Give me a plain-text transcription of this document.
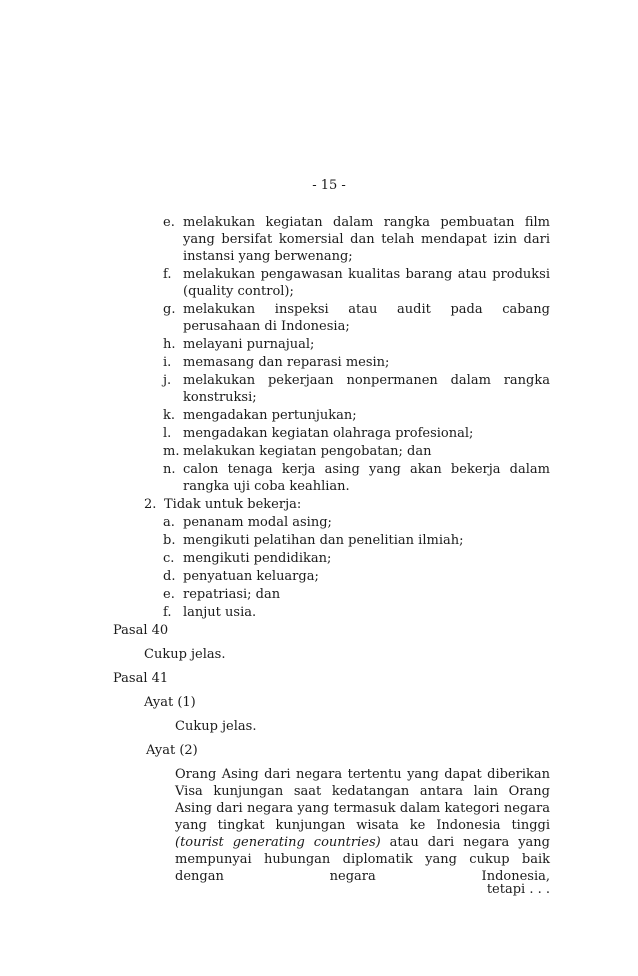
- 15 -
e. melakukan kegiatan dalam rangka pembuatan film yang bersifat komersial dan telah mendapat izin dari instansi yang berwenang;
f. melakukan pengawasan kualitas barang atau produksi (quality control);
g. melakukan inspeksi atau audit pada cabang perusahaan di Indonesia;
h. melayani purnajual;
i. memasang dan reparasi mesin;
j. melakukan pekerjaan nonpermanen dalam rangka konstruksi;
k. mengadakan pertunjukan;
l. mengadakan kegiatan olahraga profesional;
m. melakukan kegiatan pengobatan; dan
n. calon tenaga kerja asing yang akan bekerja dalam rangka uji coba keahlian.
2. Tidak untuk bekerja:
a. penanam modal asing;
b. mengikuti pelatihan dan penelitian ilmiah;
c. mengikuti pendidikan;
d. penyatuan keluarga;
e. repatriasi; dan
f. lanjut usia.
Pasal 40
Cukup jelas.
Pasal 41
Ayat (1)
Cukup jelas.
Ayat (2)
Orang Asing dari negara tertentu yang dapat diberikan Visa kunjungan saat kedatangan antara lain Orang Asing dari negara yang termasuk dalam kategori negara yang tingkat kunjungan wisata ke Indonesia tinggi (tourist generating countries) atau dari negara yang mempunyai hubungan diplomatik yang cukup baik dengan negara Indonesia,
tetapi . . .
